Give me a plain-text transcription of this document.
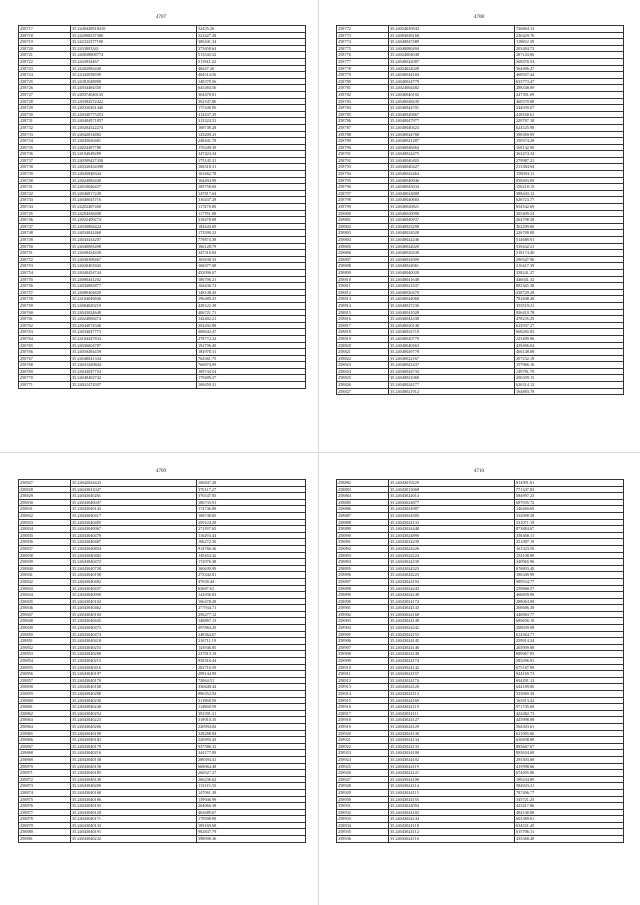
4707
258717	35.2449428918410	52455.26
258718	35.242008237380	522427.28
258719	35.242322377190	380441.34
258720	35.2433003341	375658.64
258721	35.240838808774	513543.52
258722	35.2443934467	511941.22
258723	35.24302082440	48447.26
258724	35.24343038590	464514.56
258725	35.24381048890	148379.56
258726	35.24034484350	645484.56
258727	35.240374040143	304478.81
258728	35.240384372422	302547.86
258729	35.240320201440	175349.96
258730	35.240340775253	314437.29
258731	35.240404971857	313324.31
258732	35.240204322274	168749.28
258733	35.24042814882	143209.23
258734	35.24045630481	248441.78
258735	35.24024487788	176349.39
258736	35.24104048289	347424.34
258737	35.240309427430	175145.31
258738	35.240320434398	168318.31
258739	35.24045848344	163462.78
258740	35.24024082440	164494.99
258741	35.24010046437	169758.69
258742	35.24046817249	147817.64
258743	35.24040043716	316437.28
258744	35.24202487400	117478.80
258745	35.24204438408	117781.88
258746	35.24022409274	318478.08
258747	35.24030804424	184443.69
258748	35.24034042468	173599.23
258749	35.24043434207	779874.38
258750	35.24040083498	166128.79
258751	35.24049434430	347318.84
258752	35.24040308467	165638.33
258753	35.24020401843	168477.08
258754	35.24040454744	452096.67
258755	35.24080441202	186706.21
258756	35.24034883877	164436.72
258757	35.24080404820	148148.43
258758	35.24104049846	196489.25
258759	35.24084020219	428122.38
258760	35.24043024648	406721.71
258761	35.24024068474	144402.21
258762	35.24044074346	204292.88
258763	35.24034047773	468642.47
258764	35.24104447834	278772.32
258765	35.24036604787	192706.40
258766	35.24050484439	184978.31
258767	35.24048041334	764361.75
258768	35.24041420844	766874.09
258769	35.24044047754	169744.54
258770	35.24048402742	179409.27
258771	35.24041474307	168459.31
4708
258772	35.24024030943	726864.13
258773	35.24004028168	236429.76
258774	35.24040047489	118692.39
258775	35.24040080494	203484.72
258776	35.24024004048	287143.06
258777	35.24040042087	268478.54
258778	35.24024024028	364496.27
258779	35.24040044184	468927.44
258780	35.24040024779	633773.47
258781	35.24024004482	288348.69
258782	35.24040040192	247391.09
258783	35.24040048439	468370.08
258784	35.24040044701	244039.07
258785	35.24040020867	418160.61
258786	35.24040047977	220767.18
258787	35.24040040423	624525.98
258788	35.24040044768	398369.99
258789	35.24040041287	150574.28
258790	35.24040048464	168142.96
258791	35.24040024475	362474.34
258792	35.24040040403	279987.21
258793	35.24040040427	213384.94
258794	35.24040042464	158094.11
258795	35.24040040046	858403.09
258796	35.24040045034	156218.15
258797	35.24040024808	388443.12
258798	35.24040040684	626723.77
258799	35.24040020821	654542.69
258800	35.24040020098	205409.24
258801	35.24040040937	264798.38
258802	35.24040023298	362299.60
258803	35.24040024928	226708.08
258804	35.24040024246	514688.91
258805	35.24040024029	539242.21
258806	35.24040020438	518174.40
258807	35.24040024009	290347.96
258808	35.24040024061	216417.39
258809	35.24040040028	358241.27
258810	35.24040041648	446041.32
258811	35.24040021637	882365.38
258812	35.24040020478	438729.29
258813	35.24040044068	781848.48
258814	35.24040027236	353519.21
258815	35.24040041028	826410.78
258816	35.24040044338	478235.29
258817	35.24040020148	623937.27
258818	35.24040024718	668265.83
258819	35.24040020779	223499.96
258820	35.24040040463	439496.04
258821	35.24040049778	466148.08
258822	35.24040022167	207232.19
258823	35.24040042437	157966.16
258824	35.24040044733	149781.79
258825	35.24040021068	206339.15
258826	35.24040024177	626314.12
258827	35.24040021912	164883.78
4709
258827	35.24042024443	166847.28
258828	35.24043041047	370117.27
258829	35.24043040261	376547.83
258830	35.24043040047	186733.91
258831	35.24043040143	174746.89
258832	35.24043040417	168748.85
258833	35.24043040485	259124.29
258834	35.24043040067	271197.65
258835	35.24043040478	116293.44
258836	35.24043040487	166272.56
258837	35.24043040854	914766.36
258838	35.24043040482	149454.42
258839	35.24043040472	172076.38
258840	35.24043040728	160639.09
258841	35.24043040108	273342.81
258842	35.24043040482	47658.44
258843	35.24043040437	63687.61
258844	35.24043040990	142936.83
258845	35.24043040102	166478.28
258846	35.24043040462	277934.71
258847	35.24043040104	256277.12
258848	35.24043040445	148867.13
258849	35.24043040472	497864.29
258850	35.24043040474	248364.67
258851	35.24043040418	216711.19
258852	35.24043040253	143946.85
258853	35.24043040288	237813.19
258854	35.24043040215	938316.44
258855	35.24043040416	282716.59
258856	35.24043040197	298144.99
258857	35.24043040170	72864.51
258858	35.24043040168	336648.44
258859	35.24043040288	896352.94
258860	35.24043040230	311968.50
258861	35.24043040248	114968.59
258862	35.24043040254	392391.21
258863	35.24043040223	318910.35
258864	35.24043040206	220994.84
258865	35.24043040198	328288.84
258866	35.24043040182	226993.43
258867	35.24043040179	937586.32
258868	35.24043040216	344177.09
258869	35.24043040138	288394.41
258870	35.24043040158	668064.48
258871	35.24043040185	266527.27
258872	35.24043040149	266236.62
258873	35.24043040200	113113.33
258874	35.24043040168	147061.38
258875	35.24043040186	139946.99
258876	35.24043040193	264066.38
258877	35.24043040128	462689.67
258878	35.24043040171	179598.89
258879	35.24043040133	189169.68
258880	35.24043040191	982847.79
258881	35.24043040232	398098.36
4710
258882	35.24043019229	814991.61
258883	35.24043013068	771347.82
258884	35.24043024014	584997.23
258885	35.24043024877	687935.72
258886	35.24043024987	146269.69
258887	35.24043024585	332098.38
258888	35.24043024133	531071.19
258889	35.24043024448	873884.67
258890	35.24043024890	358468.11
258891	35.24043024239	251087.19
258892	35.24043024226	161323.59
258893	35.24043024224	154108.89
258894	35.24043024239	340965.96
258895	35.24043024323	676803.40
258896	35.24043024223	186349.99
258897	35.24043024194	989534.77
258898	35.24043024243	259868.57
258899	35.24043024148	466839.98
258900	35.24043024174	288064.08
258901	35.24043024143	268686.38
258902	35.24043024168	446963.77
258903	35.24043024148	689656.19
258904	35.24043024242	208039.98
258905	35.24043024153	614364.77
258906	35.24043024145	259914.24
258907	35.24043024146	265909.88
258908	35.24043024148	689967.85
258909	35.24043024174	585296.81
258910	35.24043024142	675187.89
258911	35.24043024157	844169.73
258912	35.24043024174	694291.12
258913	35.24043024120	644189.06
258914	35.24043024113	533969.39
258915	35.24043024169	163913.22
258916	35.24043024119	971745.69
258917	35.24043024111	422482.73
258918	35.24043024127	445998.88
258919	35.24043024129	564303.61
258920	35.24043024138	621965.66
258921	35.24043024134	626838.89
258922	35.24043024133	883667.67
258923	35.24043024100	893634.69
258924	35.24043024102	293303.68
258925	35.24043024119	415998.66
258926	35.24043024121	674695.86
258927	35.24043024108	189234.89
258928	35.24043024114	584923.21
258929	35.24043024115	787496.77
258930	35.24043024155	345721.25
258931	35.24043024094	423417.86
258932	35.24043024102	484148.88
258933	35.24043024144	603389.81
258934	35.24043024118	634531.45
258935	35.24043024112	615706.11
258936	35.24043024116	435368.48
